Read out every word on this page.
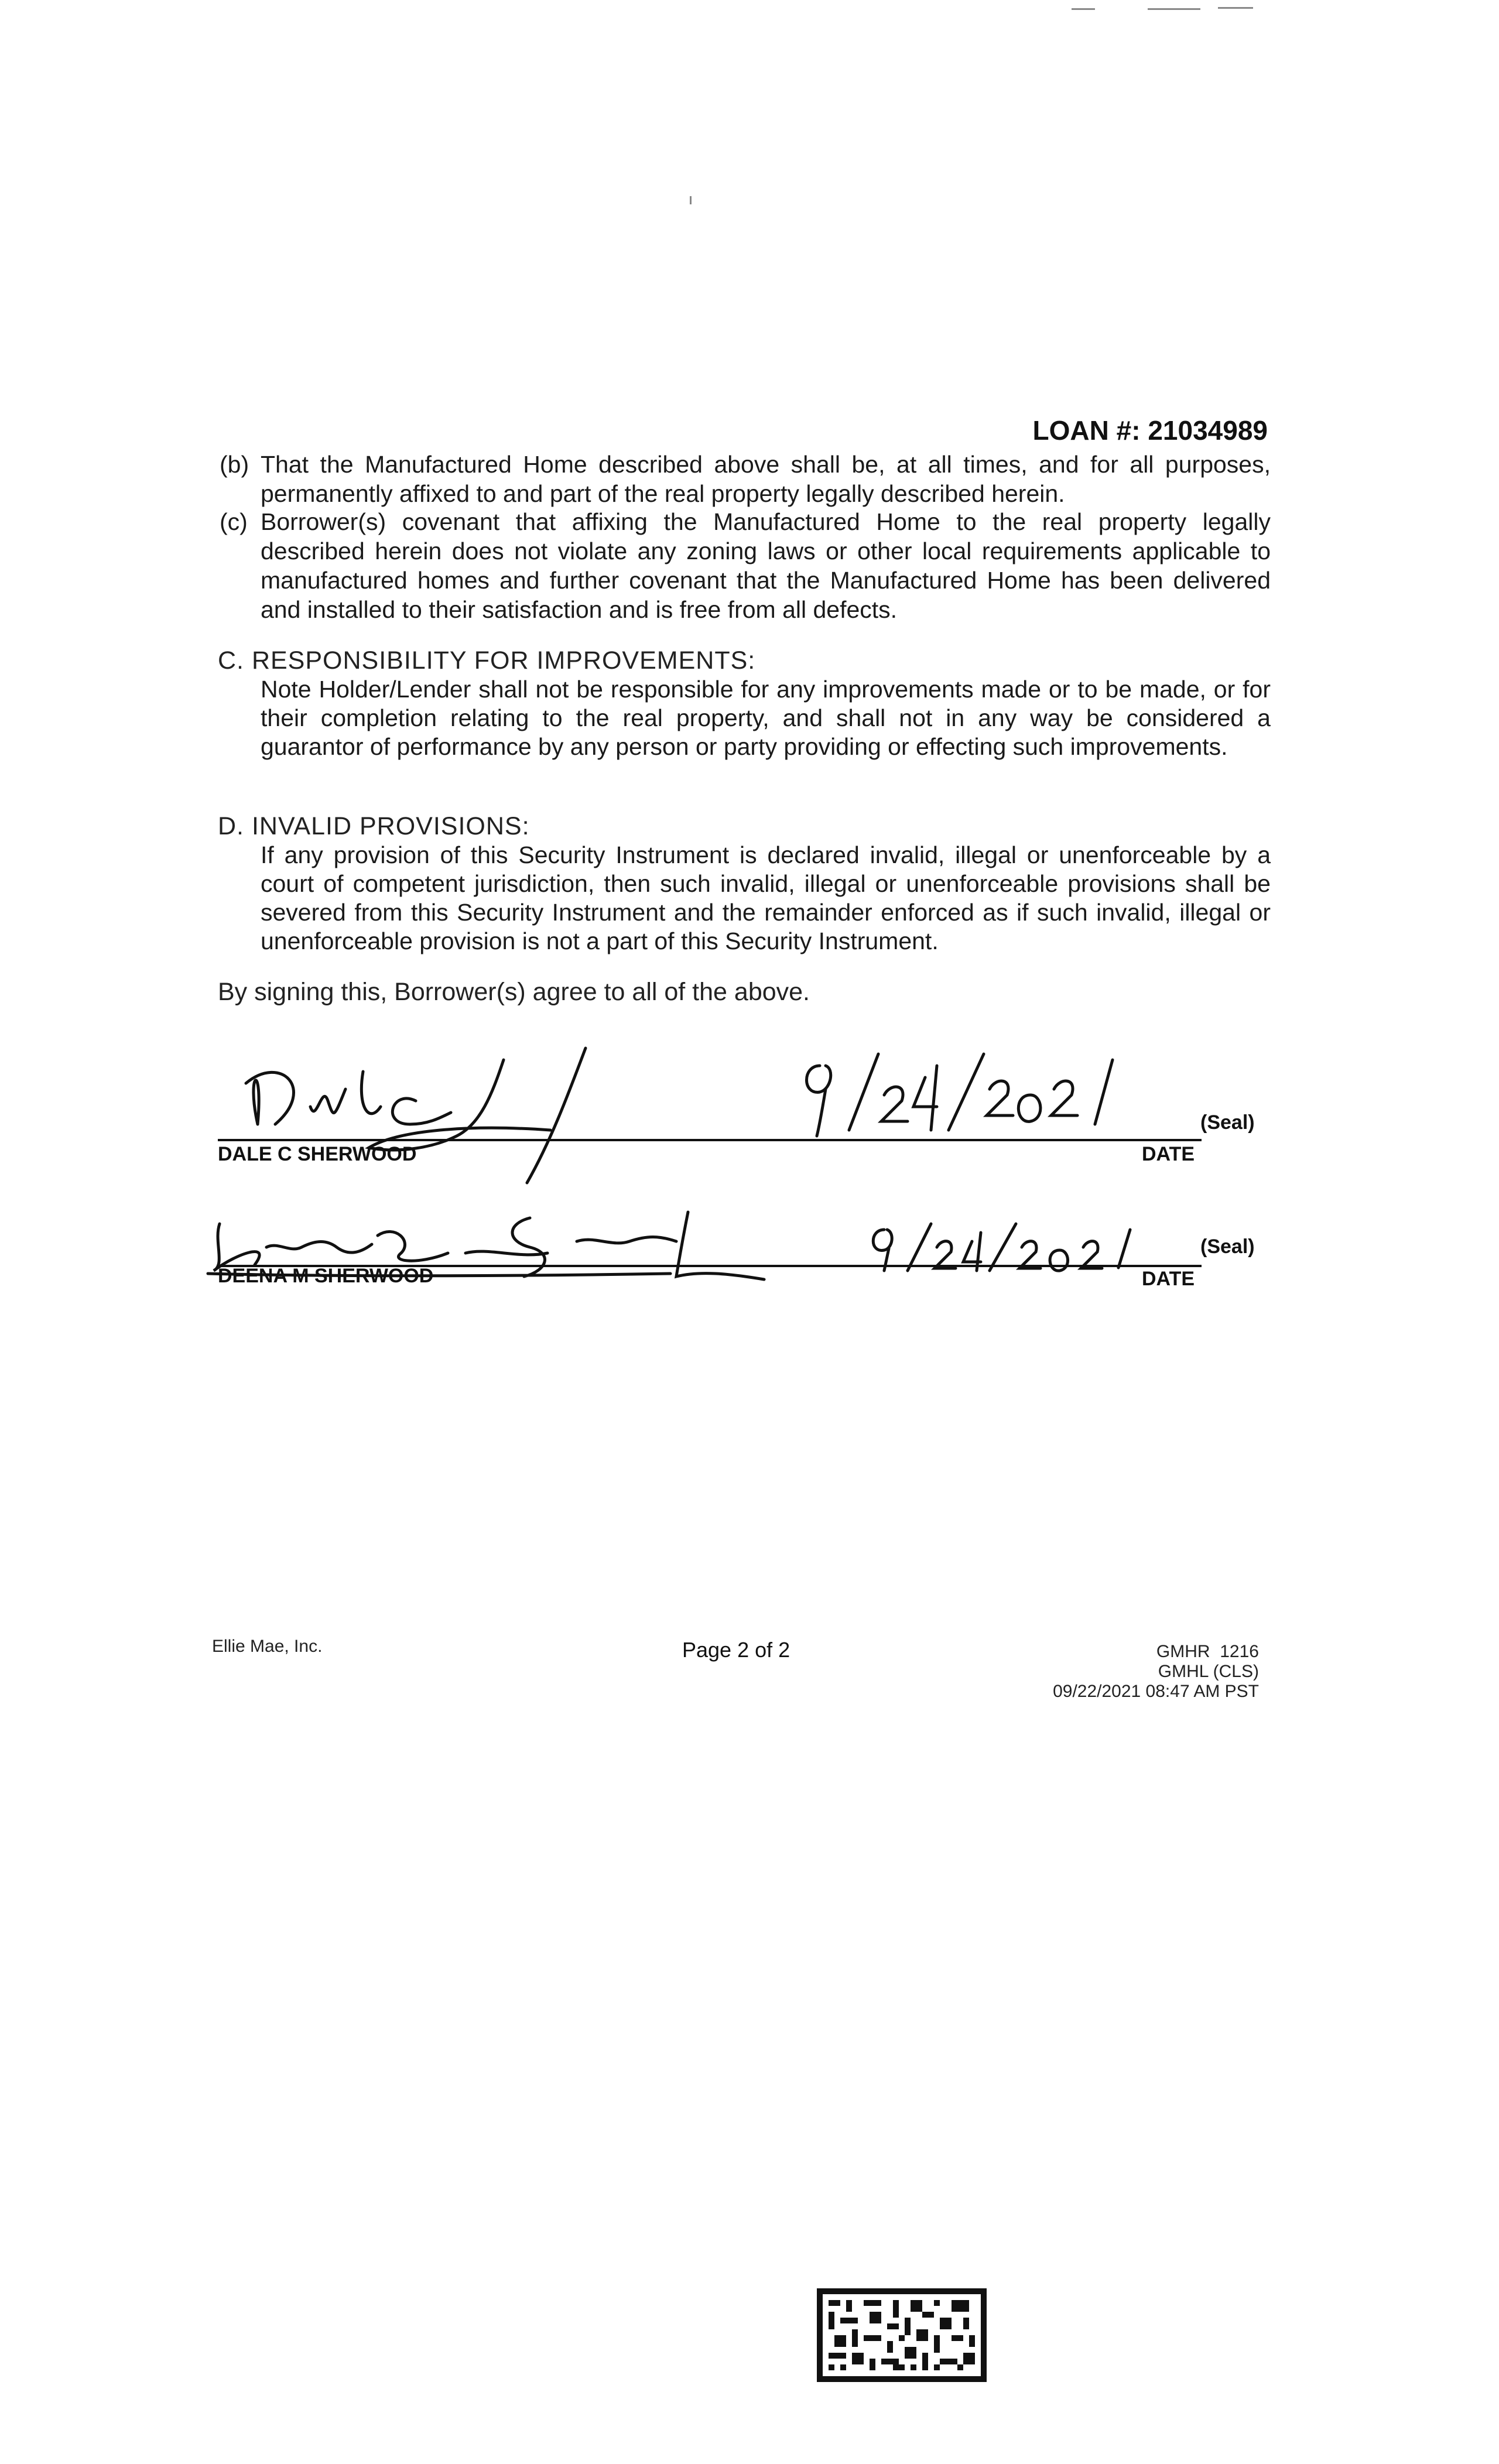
LOAN #: 21034989
(b) That the Manufactured Home described above shall be, at all times, and for all purposes, permanently affixed to and part of the real property legally described herein.
(c) Borrower(s) covenant that affixing the Manufactured Home to the real property legally described herein does not violate any zoning laws or other local requirements applicable to manufactured homes and further covenant that the Manufactured Home has been delivered and installed to their satisfaction and is free from all defects.
C. RESPONSIBILITY FOR IMPROVEMENTS:
Note Holder/Lender shall not be responsible for any improvements made or to be made, or for their completion relating to the real property, and shall not in any way be considered a guarantor of performance by any person or party providing or effecting such improvements.
D. INVALID PROVISIONS:
If any provision of this Security Instrument is declared invalid, illegal or unenforceable by a court of competent jurisdiction, then such invalid, illegal or unenforceable provisions shall be severed from this Security Instrument and the remainder enforced as if such invalid, illegal or unenforceable provision is not a part of this Security Instrument.
By signing this, Borrower(s) agree to all of the above.
DALE C SHERWOOD
(Seal)
DATE
DEENA M SHERWOOD
(Seal)
DATE
Ellie Mae, Inc.	Page 2 of 2	GMHR  1216
GMHL (CLS)
09/22/2021 08:47 AM PST
